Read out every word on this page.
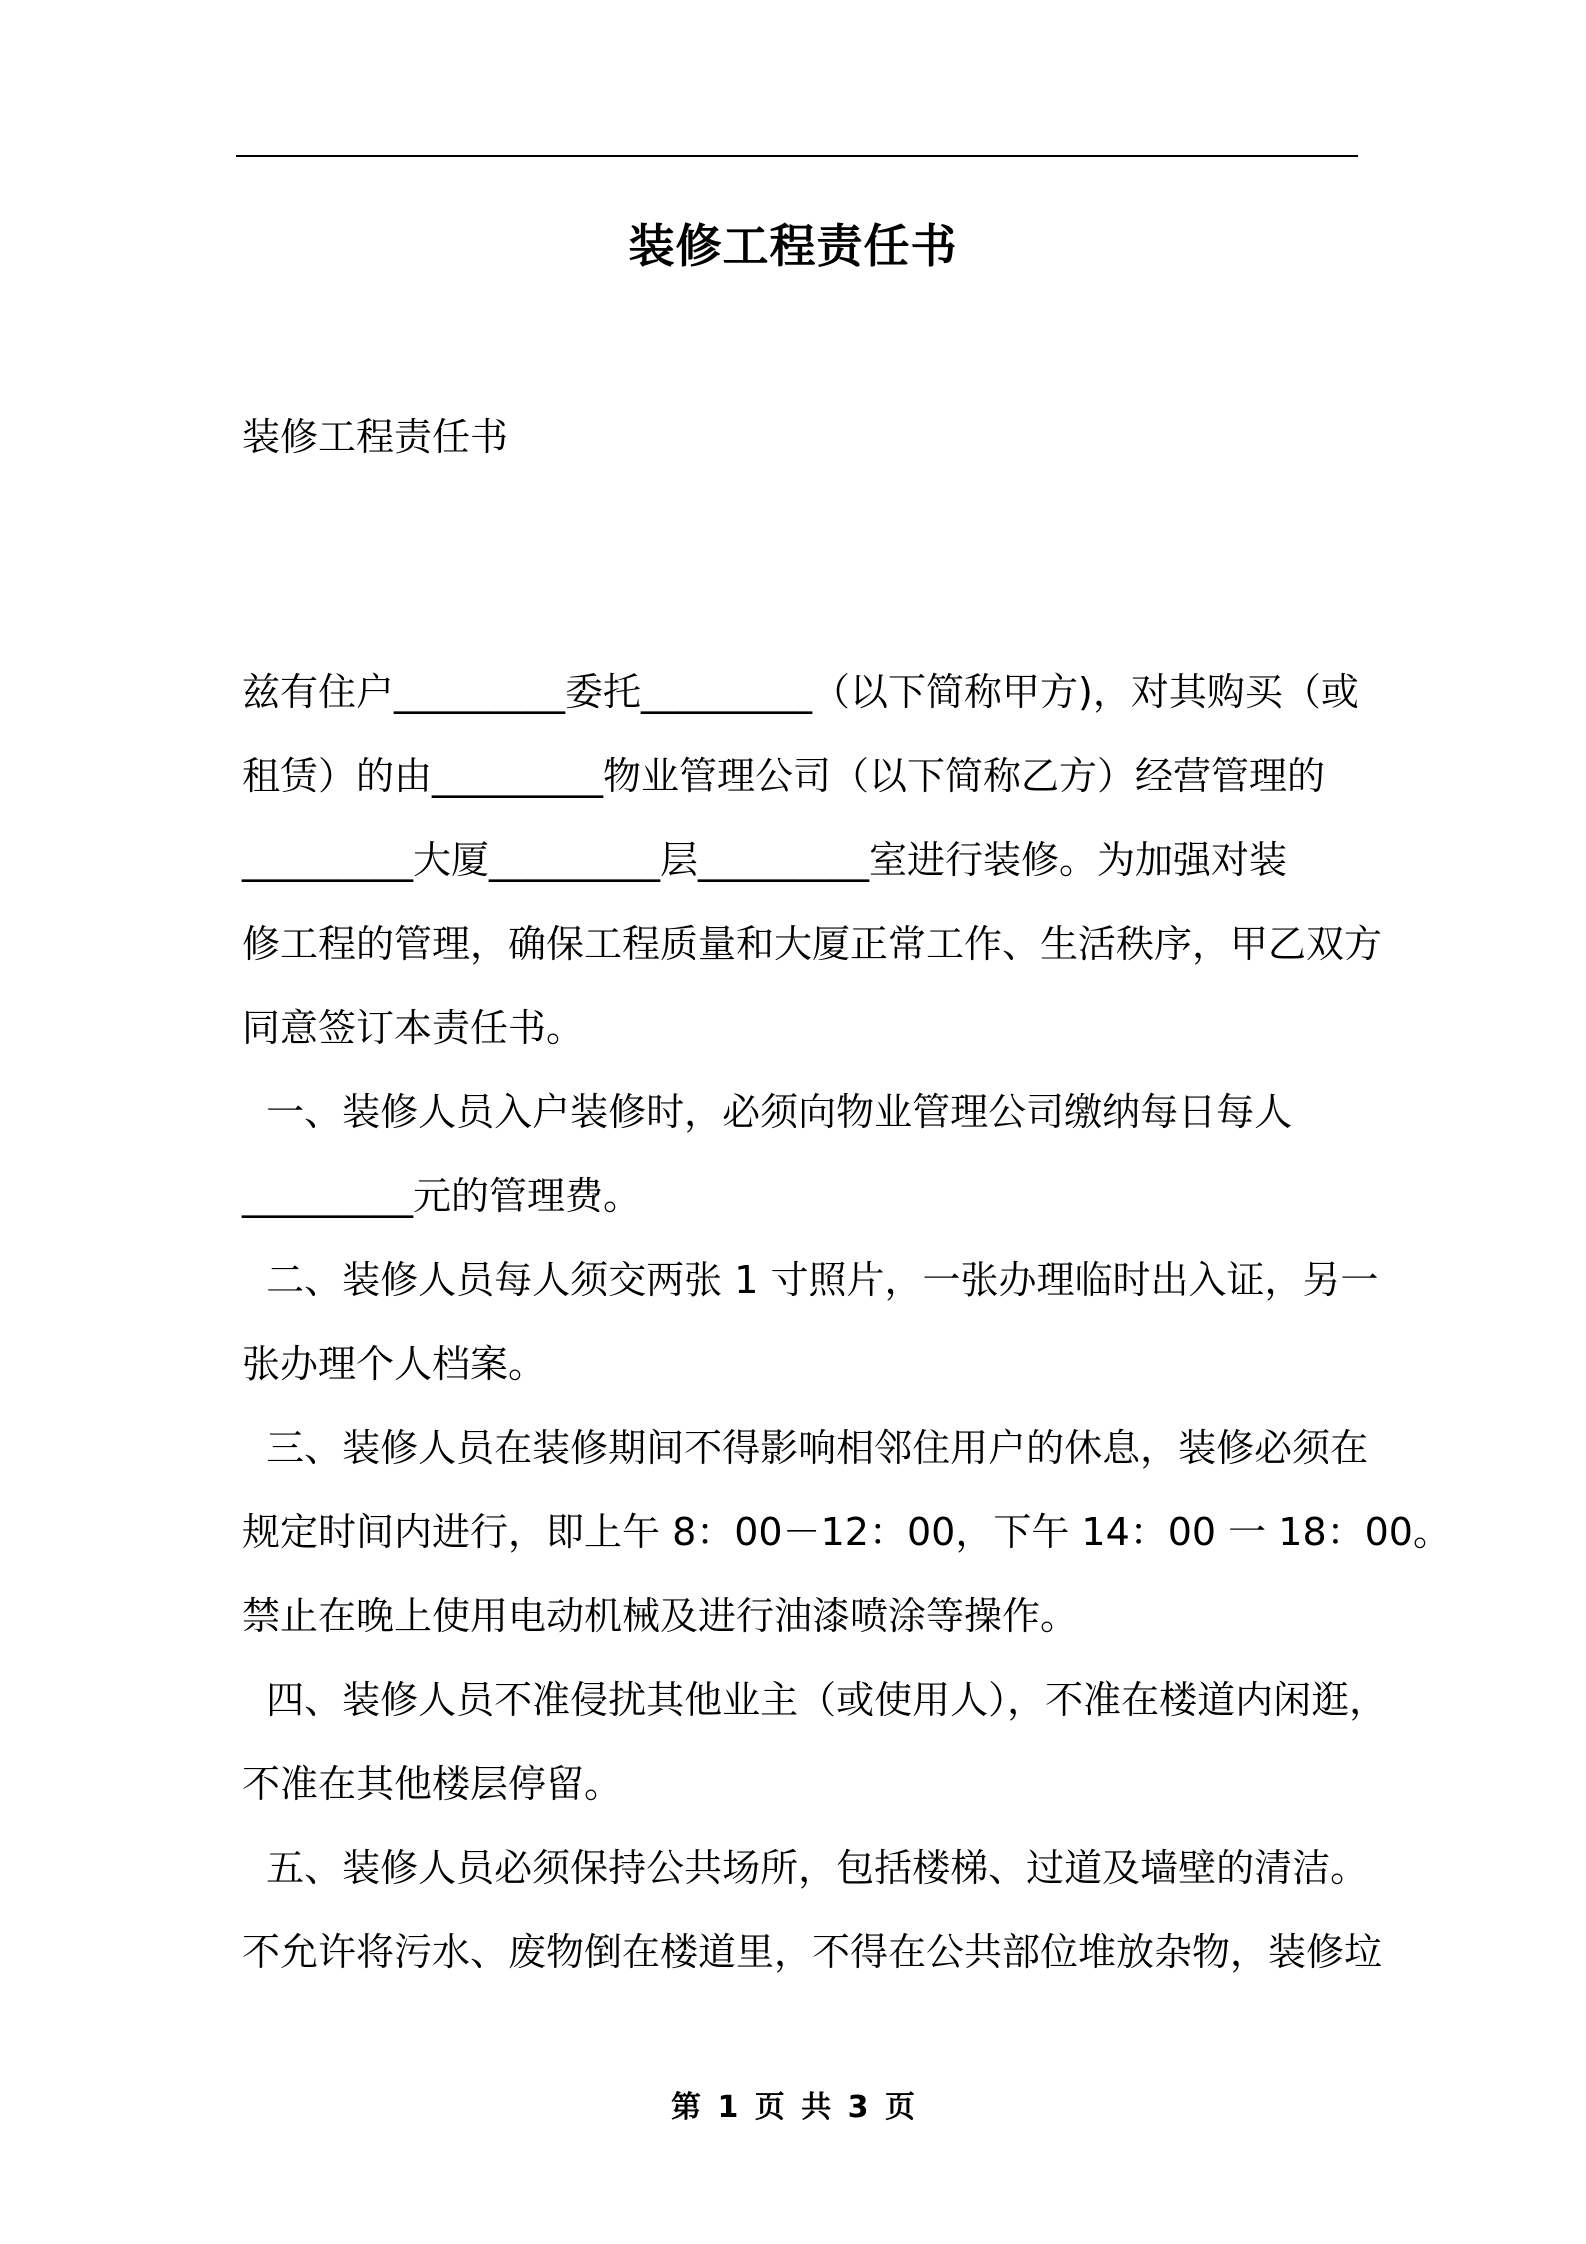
装修工程责任书
装修工程责任书

兹有住户_________委托_________（以下简称甲方)，对其购买（或

租赁）的由_________物业管理公司（以下简称乙方）经营管理的

_________大厦_________层_________室进行装修。为加强对装

修工程的管理，确保工程质量和大厦正常工作、生活秩序，甲乙双方

同意签订本责任书。

一、装修人员入户装修时，必须向物业管理公司缴纳每日每人

_________元的管理费。

二、装修人员每人须交两张 1 寸照片，一张办理临时出入证，另一

张办理个人档案。

三、装修人员在装修期间不得影响相邻住用户的休息，装修必须在

规定时间内进行，即上午 8：00－12：00，下午 14：00 一 18：00。

禁止在晚上使用电动机械及进行油漆喷涂等操作。

四、装修人员不准侵扰其他业主（或使用人），不准在楼道内闲逛，

不准在其他楼层停留。

五、装修人员必须保持公共场所，包括楼梯、过道及墙壁的清洁。

不允许将污水、废物倒在楼道里，不得在公共部位堆放杂物，装修垃

第 1 页 共 3 页
